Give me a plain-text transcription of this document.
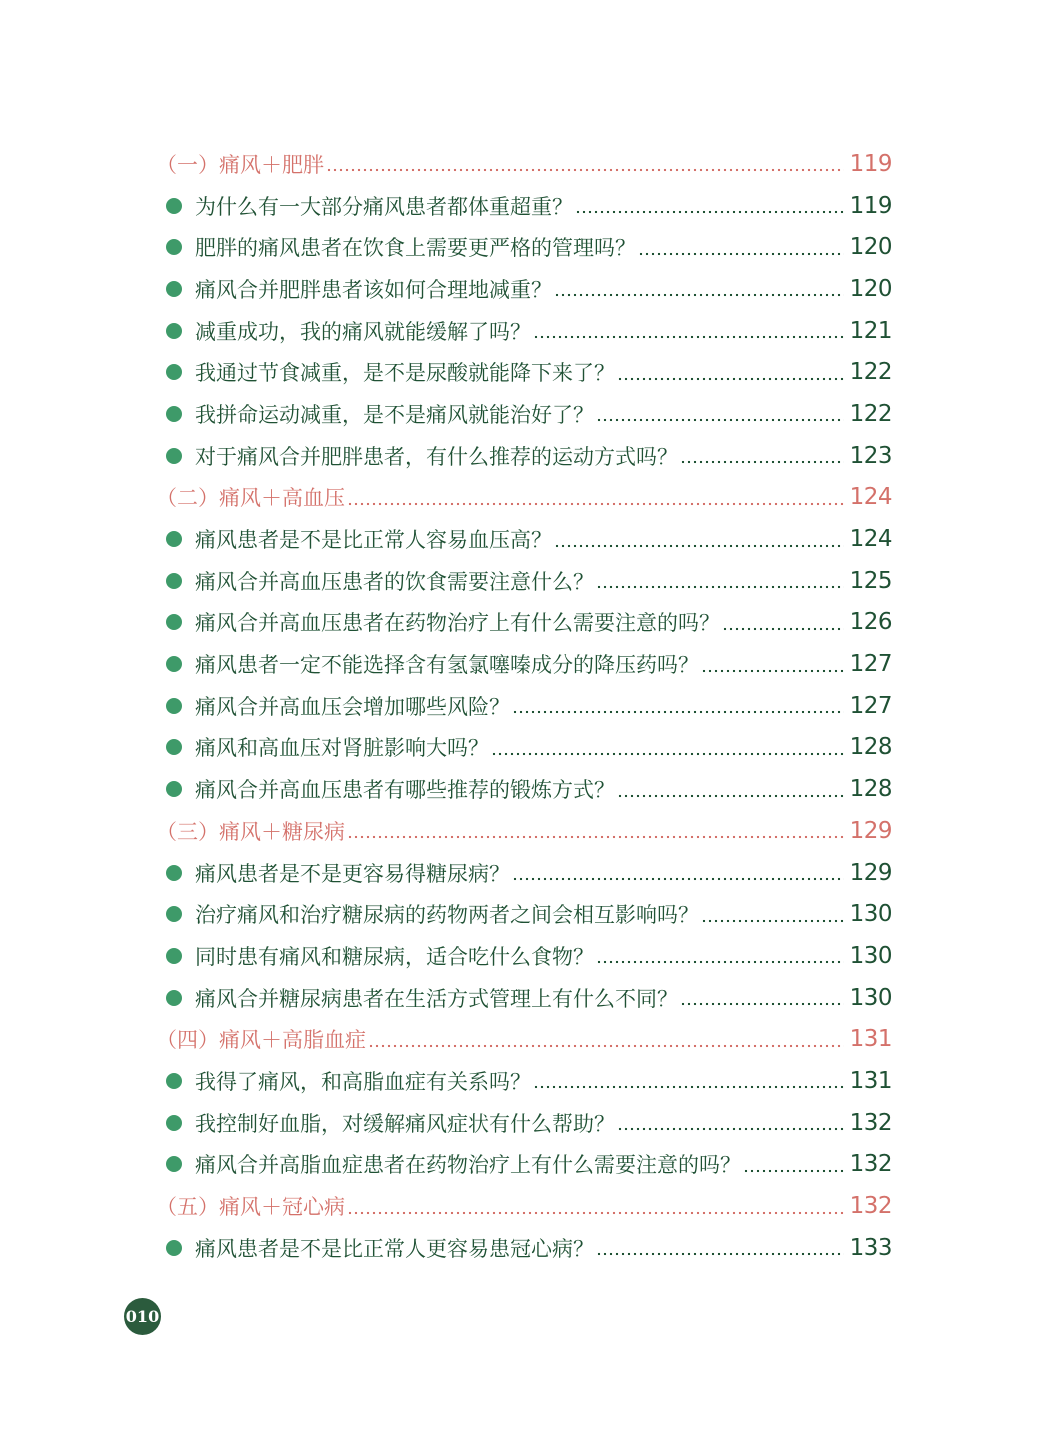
（一）痛风＋肥胖	119
为什么有一大部分痛风患者都体重超重？	119
肥胖的痛风患者在饮食上需要更严格的管理吗？	120
痛风合并肥胖患者该如何合理地减重？	120
减重成功，我的痛风就能缓解了吗？	121
我通过节食减重，是不是尿酸就能降下来了？	122
我拼命运动减重，是不是痛风就能治好了？	122
对于痛风合并肥胖患者，有什么推荐的运动方式吗？	123
（二）痛风＋高血压	124
痛风患者是不是比正常人容易血压高？	124
痛风合并高血压患者的饮食需要注意什么？	125
痛风合并高血压患者在药物治疗上有什么需要注意的吗？	126
痛风患者一定不能选择含有氢氯噻嗪成分的降压药吗？	127
痛风合并高血压会增加哪些风险？	127
痛风和高血压对肾脏影响大吗？	128
痛风合并高血压患者有哪些推荐的锻炼方式？	128
（三）痛风＋糖尿病	129
痛风患者是不是更容易得糖尿病？	129
治疗痛风和治疗糖尿病的药物两者之间会相互影响吗？	130
同时患有痛风和糖尿病，适合吃什么食物？	130
痛风合并糖尿病患者在生活方式管理上有什么不同？	130
（四）痛风＋高脂血症	131
我得了痛风，和高脂血症有关系吗？	131
我控制好血脂，对缓解痛风症状有什么帮助？	132
痛风合并高脂血症患者在药物治疗上有什么需要注意的吗？	132
（五）痛风＋冠心病	132
痛风患者是不是比正常人更容易患冠心病？	133
010
